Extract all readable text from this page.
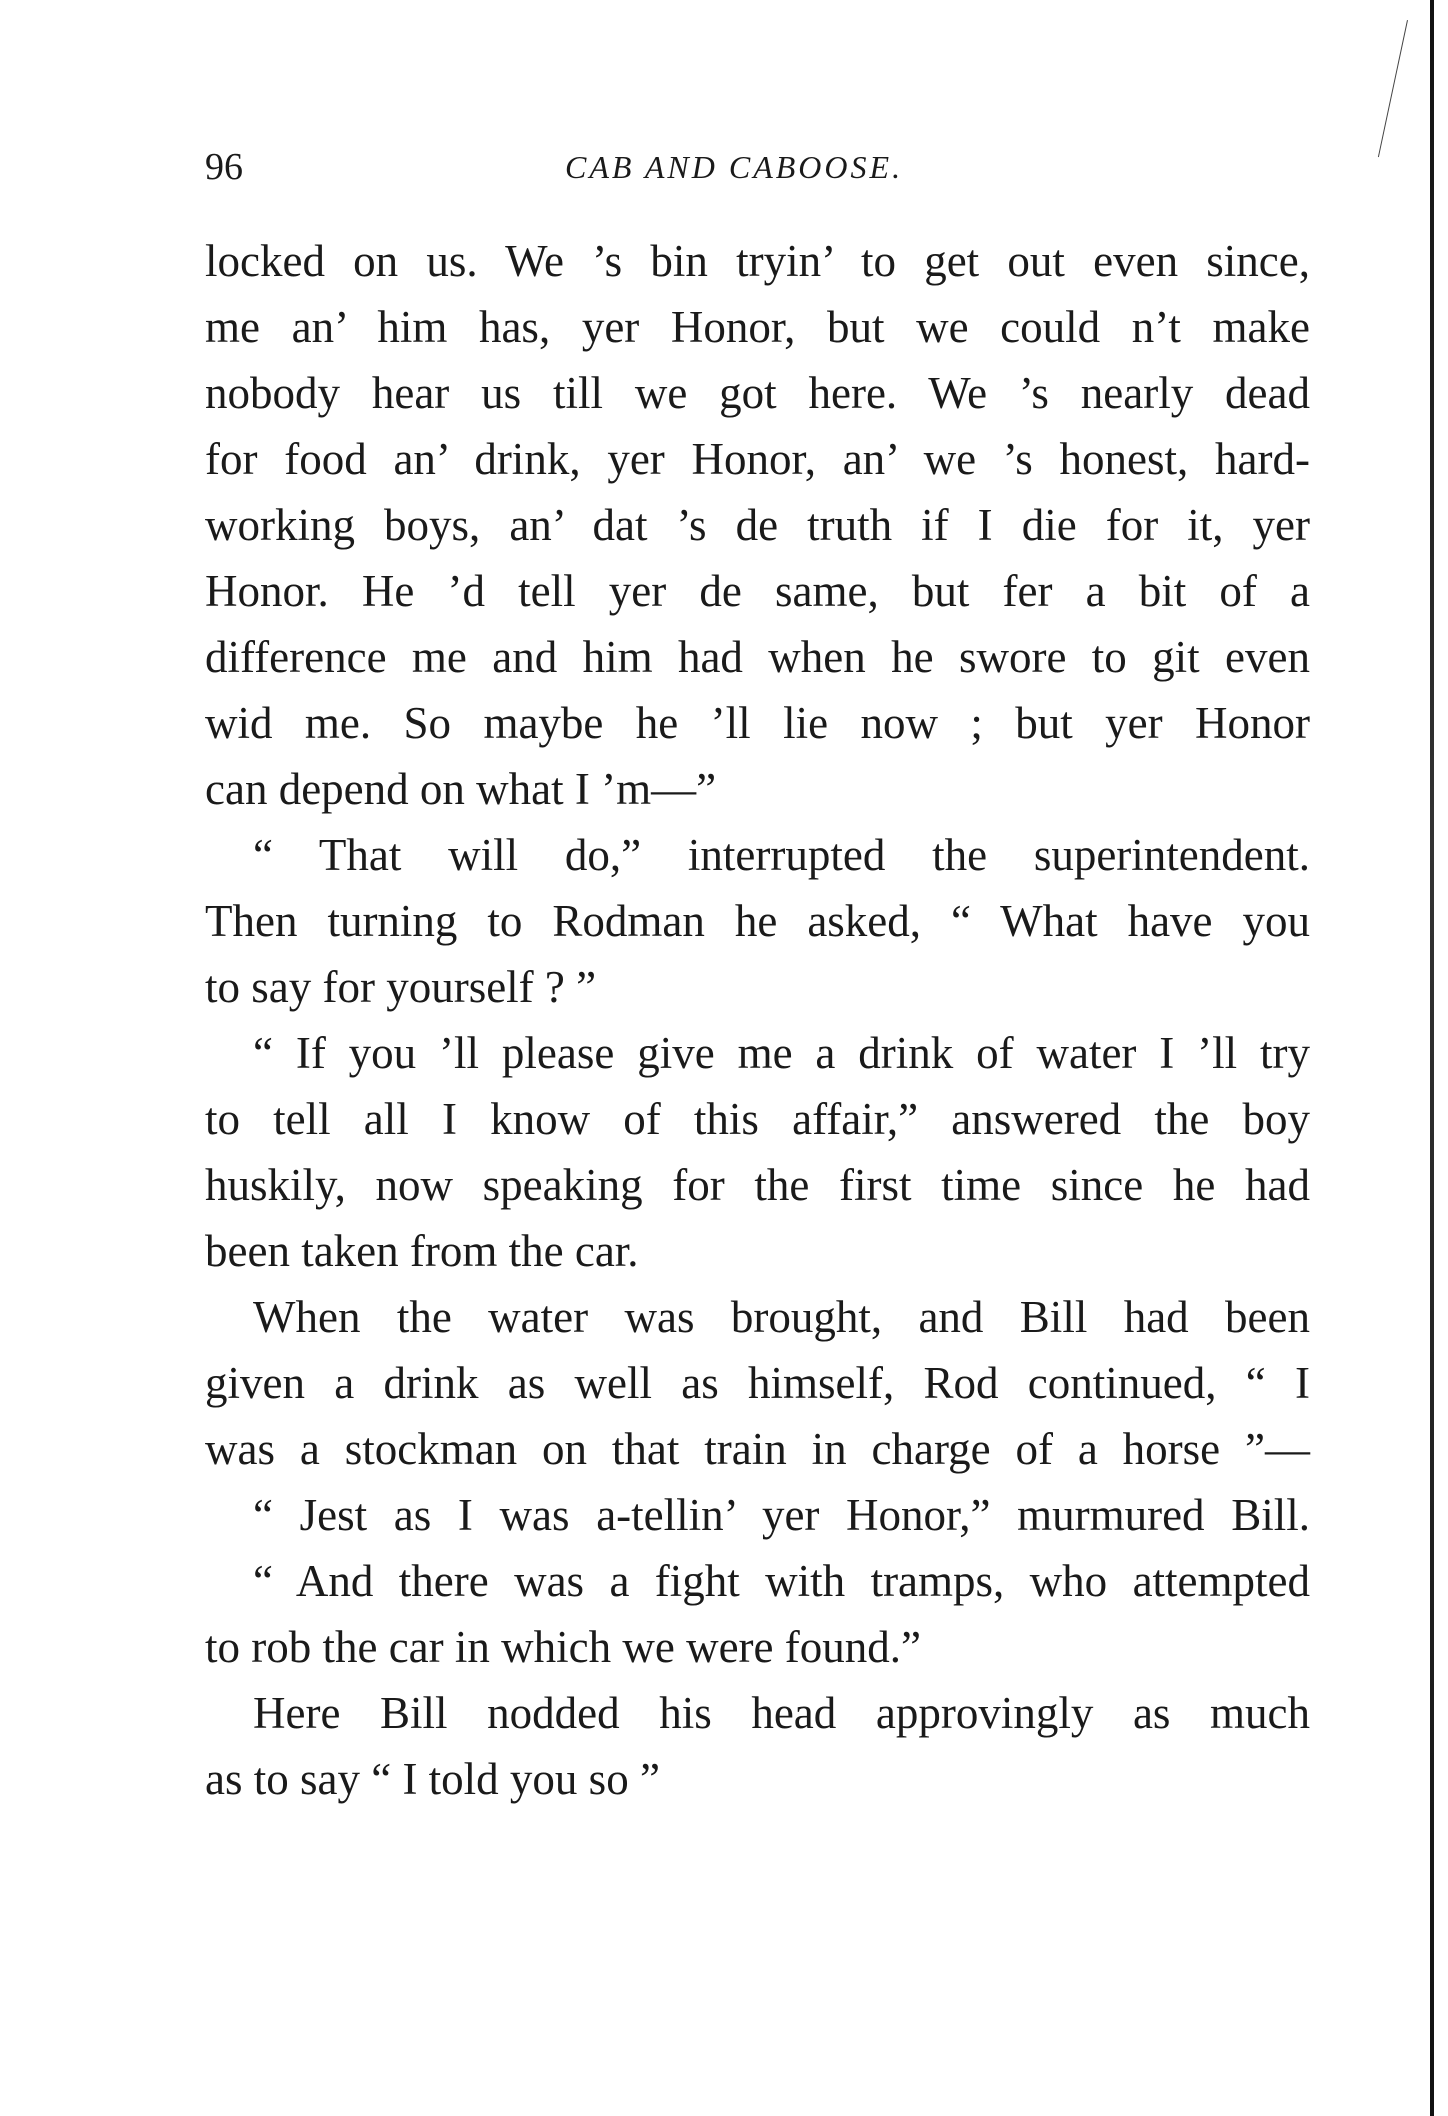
96	CAB AND CABOOSE.

locked on us. We ’s bin tryin’ to get out even since,

me an’ him has, yer Honor, but we could n’t make

nobody hear us till we got here. We ’s nearly dead

for food an’ drink, yer Honor, an’ we ’s honest, hard-

working boys, an’ dat ’s de truth if I die for it, yer

Honor. He ’d tell yer de same, but fer a bit of a

difference me and him had when he swore to git even

wid me. So maybe he ’ll lie now ; but yer Honor

can depend on what I ’m—”

“ That will do,” interrupted the superintendent.

Then turning to Rodman he asked, “ What have you

to say for yourself ? ”

“ If you ’ll please give me a drink of water I ’ll try

to tell all I know of this affair,” answered the boy

huskily, now speaking for the first time since he had

been taken from the car.

When the water was brought, and Bill had been

given a drink as well as himself, Rod continued, “ I

was a stockman on that train in charge of a horse ”—

“ Jest as I was a-tellin’ yer Honor,” murmured Bill.

“ And there was a fight with tramps, who attempted

to rob the car in which we were found.”

Here Bill nodded his head approvingly as much

as to say “ I told you so ”
